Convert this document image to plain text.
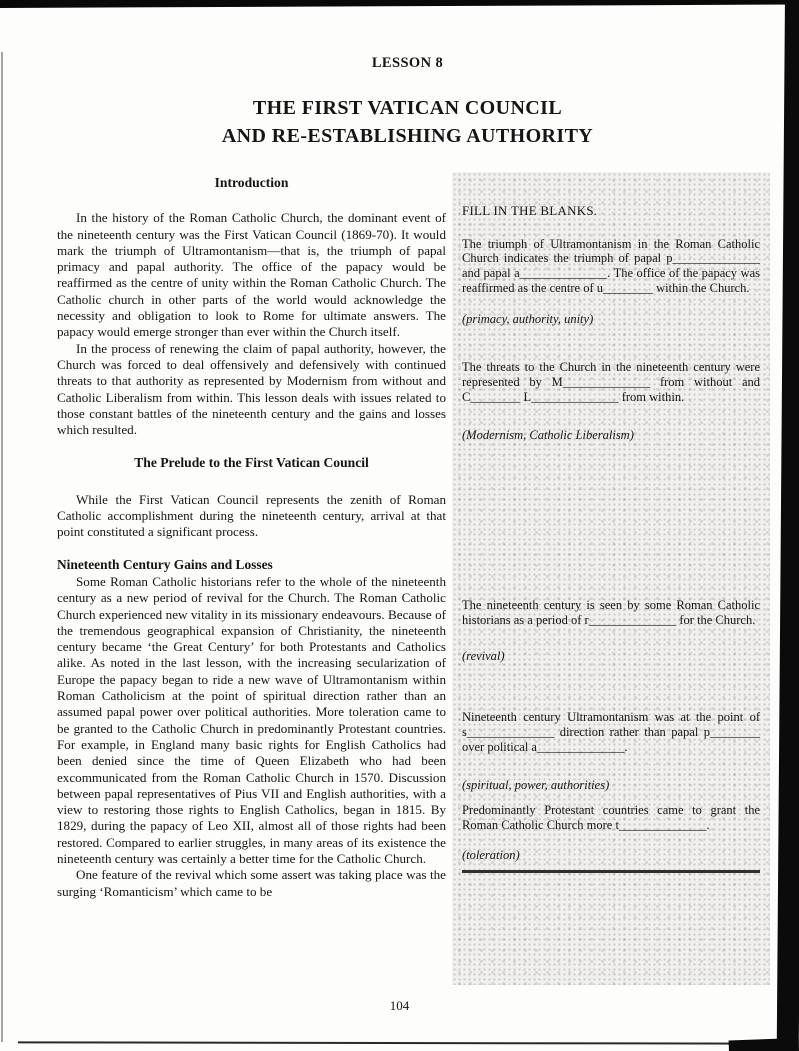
LESSON 8
THE FIRST VATICAN COUNCIL
AND RE-ESTABLISHING AUTHORITY
Introduction

In the history of the Roman Catholic Church, the dominant event of the nineteenth century was the First Vatican Council (1869-70). It would mark the triumph of Ultramontanism—that is, the triumph of papal primacy and papal authority. The office of the papacy would be reaffirmed as the centre of unity within the Roman Catholic Church. The Catholic church in other parts of the world would acknowledge the necessity and obligation to look to Rome for ultimate answers. The papacy would emerge stronger than ever within the Church itself.

In the process of renewing the claim of papal authority, however, the Church was forced to deal offensively and defensively with continued threats to that authority as represented by Modernism from without and Catholic Liberalism from within. This lesson deals with issues related to those constant battles of the nineteenth century and the gains and losses which resulted.

The Prelude to the First Vatican Council

While the First Vatican Council represents the zenith of Roman Catholic accomplishment during the nineteenth century, arrival at that point constituted a significant process.

Nineteenth Century Gains and Losses

Some Roman Catholic historians refer to the whole of the nineteenth century as a new period of revival for the Church. The Roman Catholic Church experienced new vitality in its missionary endeavours. Because of the tremendous geographical expansion of Christianity, the nineteenth century became ‘the Great Century’ for both Protestants and Catholics alike. As noted in the last lesson, with the increasing secularization of Europe the papacy began to ride a new wave of Ultramontanism within Roman Catholicism at the point of spiritual direction rather than an assumed papal power over political authorities. More toleration came to be granted to the Catholic Church in predominantly Protestant countries. For example, in England many basic rights for English Catholics had been denied since the time of Queen Elizabeth who had been excommunicated from the Roman Catholic Church in 1570. Discussion between papal representatives of Pius VII and English authorities, with a view to restoring those rights to English Catholics, began in 1815. By 1829, during the papacy of Leo XII, almost all of those rights had been restored. Compared to earlier struggles, in many areas of its existence the nineteenth century was certainly a better time for the Catholic Church.

One feature of the revival which some assert was taking place was the surging ‘Romanticism’ which came to be

FILL IN THE BLANKS.

The triumph of Ultramontanism in the Roman Catholic Church indicates the triumph of papal p______________ and papal a______________. The office of the papacy was reaffirmed as the centre of u________ within the Church.

(primacy, authority, unity)

The threats to the Church in the nineteenth century were represented by M______________ from without and C________ L______________ from within.

(Modernism, Catholic Liberalism)

The nineteenth century is seen by some Roman Catholic historians as a period of r______________ for the Church.

(revival)

Nineteenth century Ultramontanism was at the point of s______________ direction rather than papal p________ over political a______________.

(spiritual, power, authorities)

Predominantly Protestant countries came to grant the Roman Catholic Church more t______________.

(toleration)

104
